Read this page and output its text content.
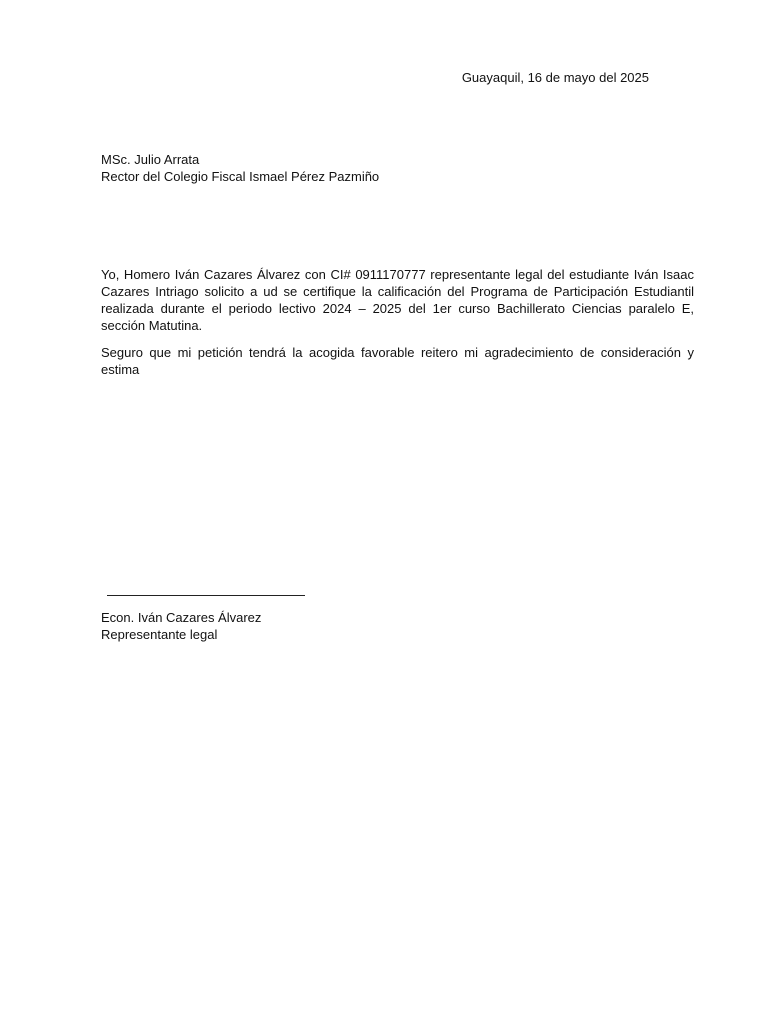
Guayaquil, 16 de mayo del 2025
MSc. Julio Arrata
Rector del Colegio Fiscal Ismael Pérez Pazmiño

Yo, Homero Iván Cazares Álvarez con CI# 0911170777 representante legal del estudiante Iván Isaac Cazares Intriago solicito a ud se certifique la calificación del Programa de Participación Estudiantil realizada durante el periodo lectivo 2024 – 2025 del 1er curso Bachillerato Ciencias paralelo E, sección Matutina.

Seguro que mi petición tendrá la acogida favorable reitero mi agradecimiento de consideración y estima

Econ. Iván Cazares Álvarez
Representante legal
